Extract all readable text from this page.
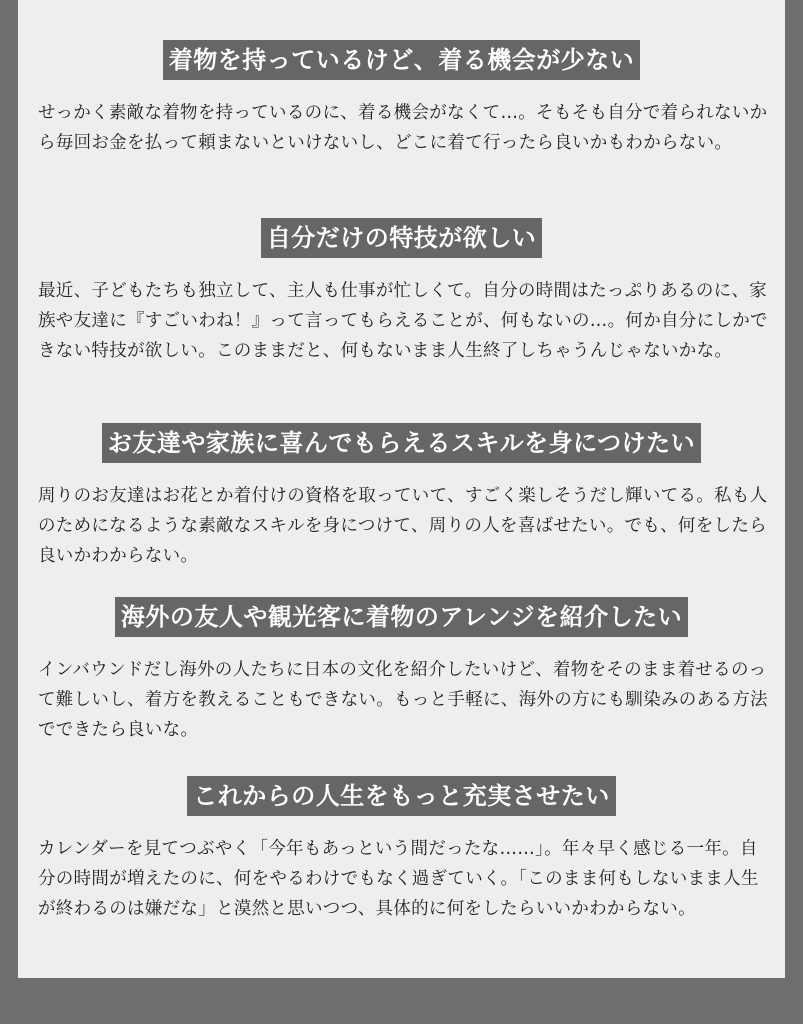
着物を持っているけど、着る機会が少ない
せっかく素敵な着物を持っているのに、着る機会がなくて…。そもそも自分で着られないから毎回お金を払って頼まないといけないし、どこに着て行ったら良いかもわからない。
自分だけの特技が欲しい
最近、子どもたちも独立して、主人も仕事が忙しくて。自分の時間はたっぷりあるのに、家族や友達に『すごいわね！』って言ってもらえることが、何もないの…。何か自分にしかできない特技が欲しい。このままだと、何もないまま人生終了しちゃうんじゃないかな。
お友達や家族に喜んでもらえるスキルを身につけたい
周りのお友達はお花とか着付けの資格を取っていて、すごく楽しそうだし輝いてる。私も人のためになるような素敵なスキルを身につけて、周りの人を喜ばせたい。でも、何をしたら良いかわからない。
海外の友人や観光客に着物のアレンジを紹介したい
インバウンドだし海外の人たちに日本の文化を紹介したいけど、着物をそのまま着せるのって難しいし、着方を教えることもできない。もっと手軽に、海外の方にも馴染みのある方法でできたら良いな。
これからの人生をもっと充実させたい
カレンダーを見てつぶやく「今年もあっという間だったな……」。年々早く感じる一年。自分の時間が増えたのに、何をやるわけでもなく過ぎていく。「このまま何もしないまま人生が終わるのは嫌だな」と漠然と思いつつ、具体的に何をしたらいいかわからない。
